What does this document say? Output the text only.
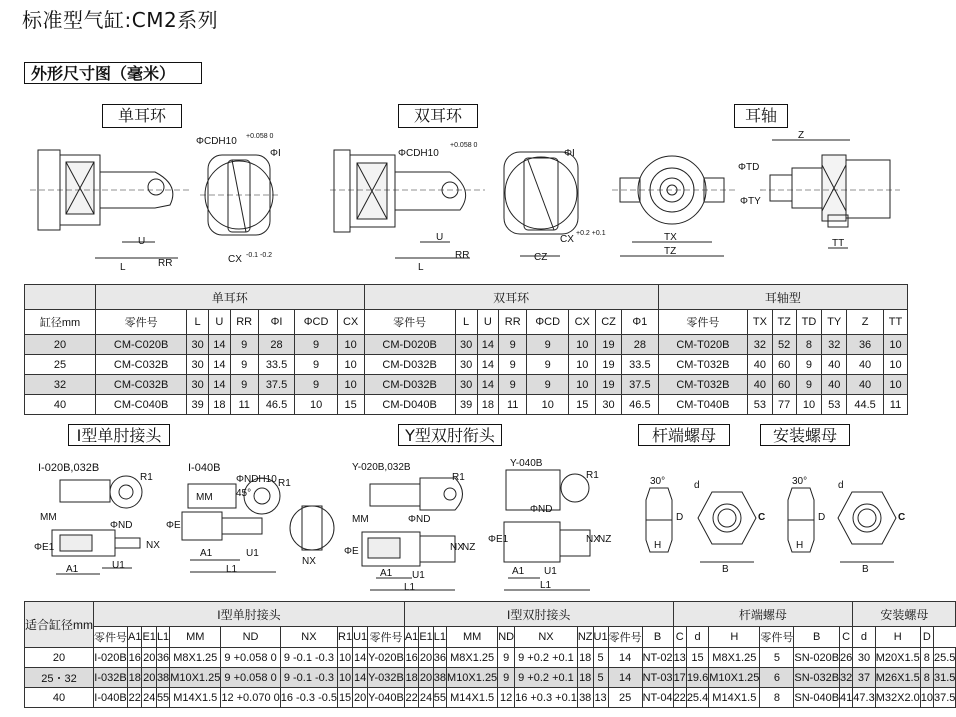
标准型气缸:CM2系列
外形尺寸图（毫米）
单耳环	双耳环	耳轴
I型单肘接头	Y型双肘衔头	杆端螺母	安装螺母
ΦCDH10 +0.058 0
ΦI
L
U
RR	CX -0.1 -0.2
ΦCDH10
+0.058 0
ΦI
L
U
RR
CX
+0.2 +0.1
CZ
Z
ΦTD
ΦTY
TX
TZ
TT
I-020B,032B	I-040B	Y-020B,032B	Y-040B
MM
MM
MM
ΦNDH10
ΦND
ΦND
ΦND
45°
ΦE1
ΦE
ΦE
ΦE1
A1
A1
A1	A1
U1
U1
U1	U1
L1
L1	L1
NX
NX
NX
NX
NZ
NZ
R1
R1
R1	R1
30°	30°
d	d
C	C
B	B
H	H
D	D
	单耳环							双耳环								耳轴型						
缸径mm	零件号	L	U	RR	ΦI	ΦCD	CX	零件号	L	U	RR	ΦCD	CX	CZ	Φ1	零件号	TX	TZ	TD	TY	Z	TT
20	CM-C020B	30	14	9	28	9	10	CM-D020B	30	14	9	9	10	19	28	CM-T020B	32	52	8	32	36	10
25	CM-C032B	30	14	9	33.5	9	10	CM-D032B	30	14	9	9	10	19	33.5	CM-T032B	40	60	9	40	40	10
32	CM-C032B	30	14	9	37.5	9	10	CM-D032B	30	14	9	9	10	19	37.5	CM-T032B	40	60	9	40	40	10
40	CM-C040B	39	18	11	46.5	10	15	CM-D040B	39	18	11	10	15	30	46.5	CM-T040B	53	77	10	53	44.5	11
适合缸径mm	I型单肘接头										I型双肘接头										杆端螺母						安装螺母			
	零件号	A1	E1	L1	MM	ND	NX	R1	U1	零件号	A1	E1	L1	MM	ND	NX	NZ	U1	零件号	B	C	d	H	零件号	B	C	d	H	D	
20	I-020B	16	20	36	M8X1.25	9 +0.058 0	9 -0.1 -0.3	10	14	Y-020B	16	20	36	M8X1.25	9	9 +0.2 +0.1	18	5	14	NT-02	13	15	M8X1.25	5	SN-020B	26	30	M20X1.5	8	25.5
25・32	I-032B	18	20	38	M10X1.25	9 +0.058 0	9 -0.1 -0.3	10	14	Y-032B	18	20	38	M10X1.25	9	9 +0.2 +0.1	18	5	14	NT-03	17	19.6	M10X1.25	6	SN-032B	32	37	M26X1.5	8	31.5
40	I-040B	22	24	55	M14X1.5	12 +0.070 0	16 -0.3 -0.5	15	20	Y-040B	22	24	55	M14X1.5	12	16 +0.3 +0.1	38	13	25	NT-04	22	25.4	M14X1.5	8	SN-040B	41	47.3	M32X2.0	10	37.5
